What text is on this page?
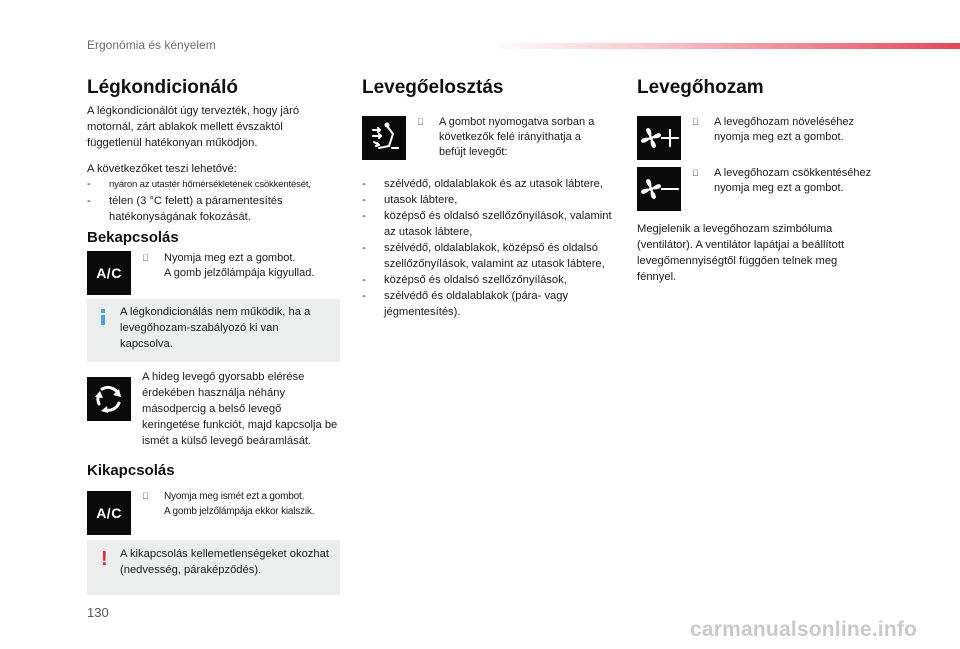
Ergonómia és kényelem
Légkondicionáló
A légkondicionálót úgy tervezték, hogy járó motornál, zárt ablakok mellett évszaktól függetlenül hatékonyan működjön.
A következőket teszi lehetővé:
- nyáron az utastér hőmérsékletének csökkentését,
- télen (3 °C felett) a páramentesítés hatékonyságának fokozását.
Bekapcsolás
A/C
Nyomja meg ezt a gombot.
A gomb jelzőlámpája kigyullad.
A légkondicionálás nem működik, ha a levegőhozam-szabályozó ki van kapcsolva.
A hideg levegő gyorsabb elérése érdekében használja néhány másodpercig a belső levegő keringetése funkciót, majd kapcsolja be ismét a külső levegő beáramlását.
Kikapcsolás
A/C
Nyomja meg ismét ezt a gombot.
A gomb jelzőlámpája ekkor kialszik.
! A kikapcsolás kellemetlenségeket okozhat (nedvesség, páraképződés).
Levegőelosztás
A gombot nyomogatva sorban a következők felé irányíthatja a befújt levegőt:
- szélvédő, oldalablakok és az utasok lábtere,
- utasok lábtere,
- középső és oldalsó szellőzőnyílások, valamint az utasok lábtere,
- szélvédő, oldalablakok, középső és oldalsó szellőzőnyílások, valamint az utasok lábtere,
- középső és oldalsó szellőzőnyílások,
- szélvédő és oldalablakok (pára- vagy jégmentesítés).
Levegőhozam
A levegőhozam növeléséhez nyomja meg ezt a gombot.
A levegőhozam csökkentéséhez nyomja meg ezt a gombot.
Megjelenik a levegőhozam szimbóluma (ventilátor). A ventilátor lapátjai a beállított levegőmennyiségtől függően telnek meg fénnyel.
130
carmanualsonline.info
